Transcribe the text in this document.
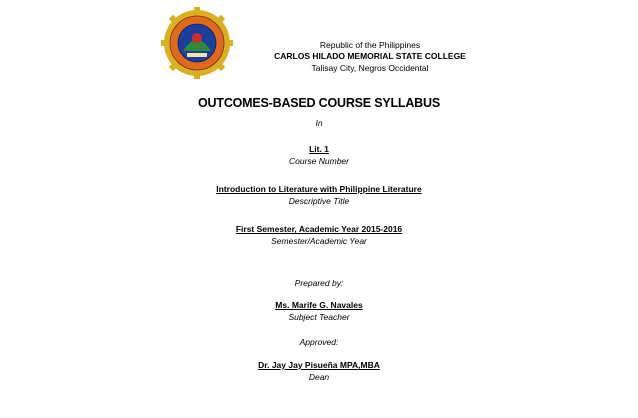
Republic of the Philippines
CARLOS HILADO MEMORIAL STATE COLLEGE
Talisay City, Negros Occidental
OUTCOMES-BASED COURSE SYLLABUS
In
Lit. 1
Course Number
Introduction to Literature with Philippine Literature
Descriptive Title
First Semester, Academic Year 2015-2016
Semester/Academic Year
Prepared by:
Ms. Marife G. Navales
Subject Teacher
Approved:
Dr. Jay Jay Pisueña MPA,MBA
Dean
